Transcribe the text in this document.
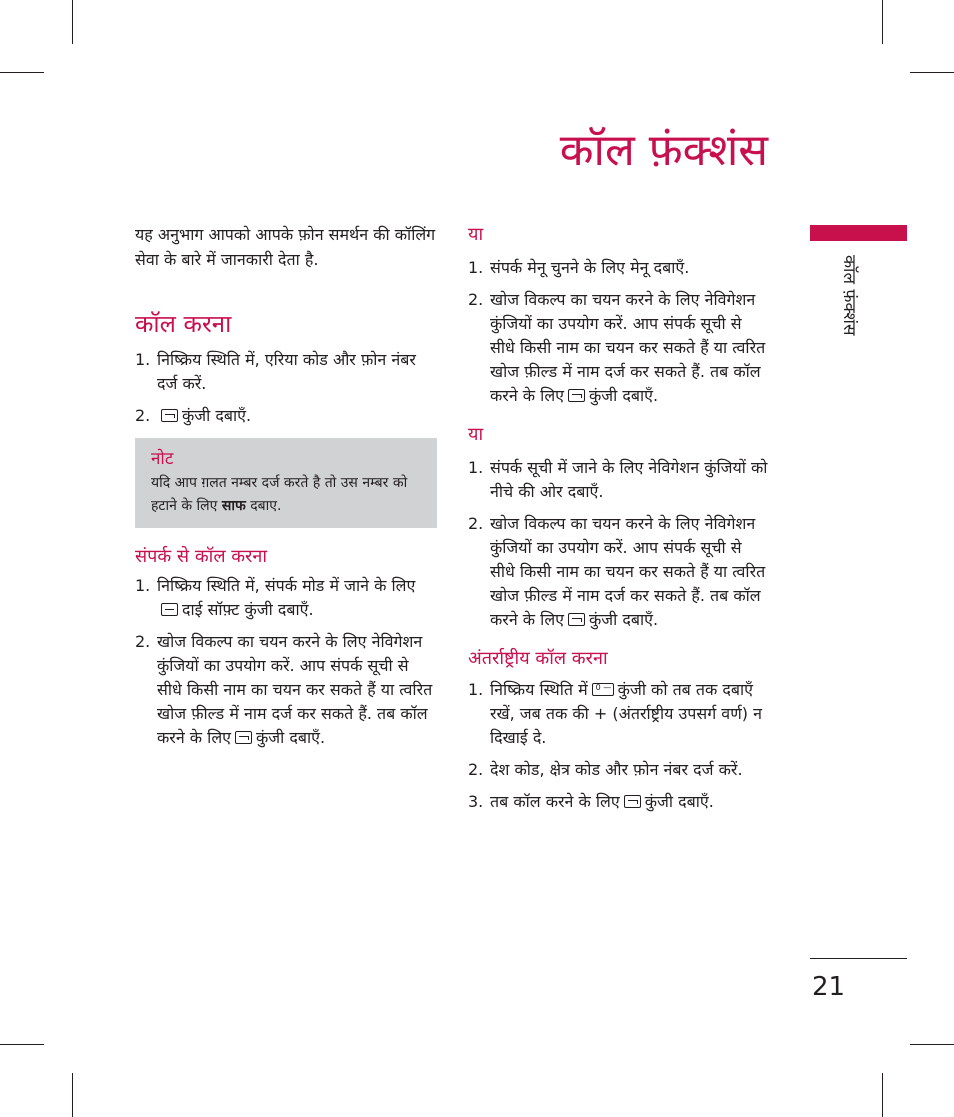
कॉल फ़ंक्शंस
कॉल फ़ंक्शंस
21

यह अनुभाग आपको आपके फ़ोन समर्थन की कॉलिंग सेवा के बारे में जानकारी देता है.

कॉल करना
1. निष्क्रिय स्थिति में, एरिया कोड और फ़ोन नंबर दर्ज करें.
2. कुंजी दबाएँ.
नोट
यदि आप ग़लत नम्बर दर्ज करते है तो उस नम्बर को हटाने के लिए साफ दबाए.
संपर्क से कॉल करना
1. निष्क्रिय स्थिति में, संपर्क मोड में जाने के लिएदाई सॉफ़्ट कुंजी दबाएँ.
2. खोज विकल्प का चयन करने के लिए नेविगेशन कुंजियों का उपयोग करें. आप संपर्क सूची से सीधे किसी नाम का चयन कर सकते हैं या त्वरित खोज फ़ील्ड में नाम दर्ज कर सकते हैं. तब कॉल करने के लिए कुंजी दबाएँ.
या
1. संपर्क मेनू चुनने के लिए मेनू दबाएँ.
2. खोज विकल्प का चयन करने के लिए नेविगेशन कुंजियों का उपयोग करें. आप संपर्क सूची से सीधे किसी नाम का चयन कर सकते हैं या त्वरित खोज फ़ील्ड में नाम दर्ज कर सकते हैं. तब कॉल करने के लिए कुंजी दबाएँ.
या
1. संपर्क सूची में जाने के लिए नेविगेशन कुंजियों को नीचे की ओर दबाएँ.
2. खोज विकल्प का चयन करने के लिए नेविगेशन कुंजियों का उपयोग करें. आप संपर्क सूची से सीधे किसी नाम का चयन कर सकते हैं या त्वरित खोज फ़ील्ड में नाम दर्ज कर सकते हैं. तब कॉल करने के लिए कुंजी दबाएँ.
अंतर्राष्ट्रीय कॉल करना
1. निष्क्रिय स्थिति में0 — कुंजी को तब तक दबाएँ रखें, जब तक की + (अंतर्राष्ट्रीय उपसर्ग वर्ण) न दिखाई दे.
2. देश कोड, क्षेत्र कोड और फ़ोन नंबर दर्ज करें.
3. तब कॉल करने के लिए कुंजी दबाएँ.
